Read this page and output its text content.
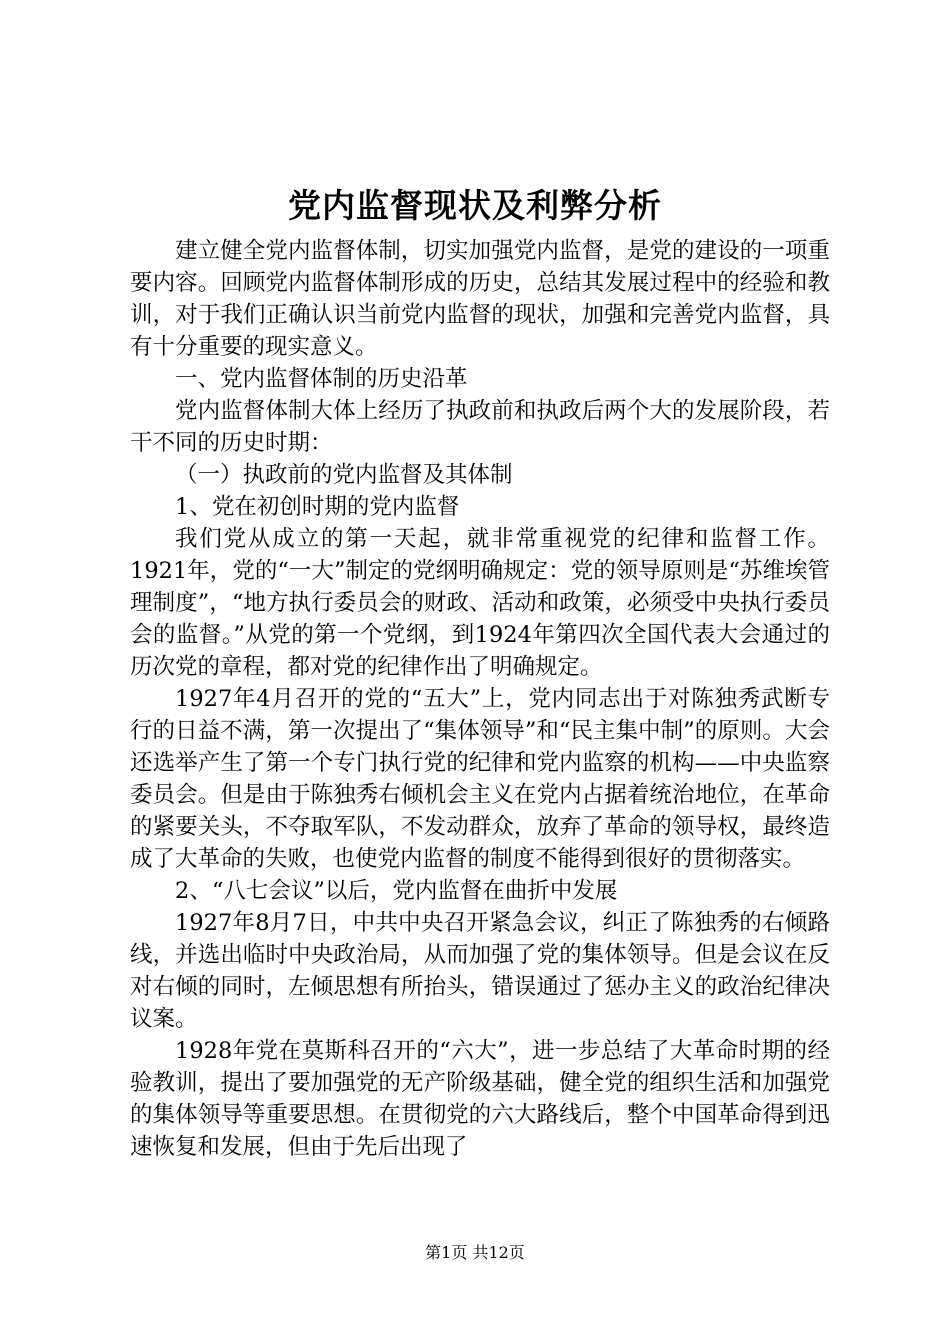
党内监督现状及利弊分析

建立健全党内监督体制，切实加强党内监督，是党的建设的一项重要内容。回顾党内监督体制形成的历史，总结其发展过程中的经验和教训，对于我们正确认识当前党内监督的现状，加强和完善党内监督，具有十分重要的现实意义。

一、党内监督体制的历史沿革

党内监督体制大体上经历了执政前和执政后两个大的发展阶段，若干不同的历史时期：

（一）执政前的党内监督及其体制

1、党在初创时期的党内监督

我们党从成立的第一天起，就非常重视党的纪律和监督工作。1921年，党的“一大”制定的党纲明确规定：党的领导原则是“苏维埃管理制度”，“地方执行委员会的财政、活动和政策，必须受中央执行委员会的监督。”从党的第一个党纲，到1924年第四次全国代表大会通过的历次党的章程，都对党的纪律作出了明确规定。

1927年4月召开的党的“五大”上，党内同志出于对陈独秀武断专行的日益不满，第一次提出了“集体领导”和“民主集中制”的原则。大会还选举产生了第一个专门执行党的纪律和党内监察的机构——中央监察委员会。但是由于陈独秀右倾机会主义在党内占据着统治地位，在革命的紧要关头，不夺取军队，不发动群众，放弃了革命的领导权，最终造成了大革命的失败，也使党内监督的制度不能得到很好的贯彻落实。

2、“八七会议”以后，党内监督在曲折中发展

1927年8月7日，中共中央召开紧急会议，纠正了陈独秀的右倾路线，并选出临时中央政治局，从而加强了党的集体领导。但是会议在反对右倾的同时，左倾思想有所抬头，错误通过了惩办主义的政治纪律决议案。

1928年党在莫斯科召开的“六大”，进一步总结了大革命时期的经验教训，提出了要加强党的无产阶级基础，健全党的组织生活和加强党的集体领导等重要思想。在贯彻党的六大路线后，整个中国革命得到迅速恢复和发展，但由于先后出现了

第1页 共12页
